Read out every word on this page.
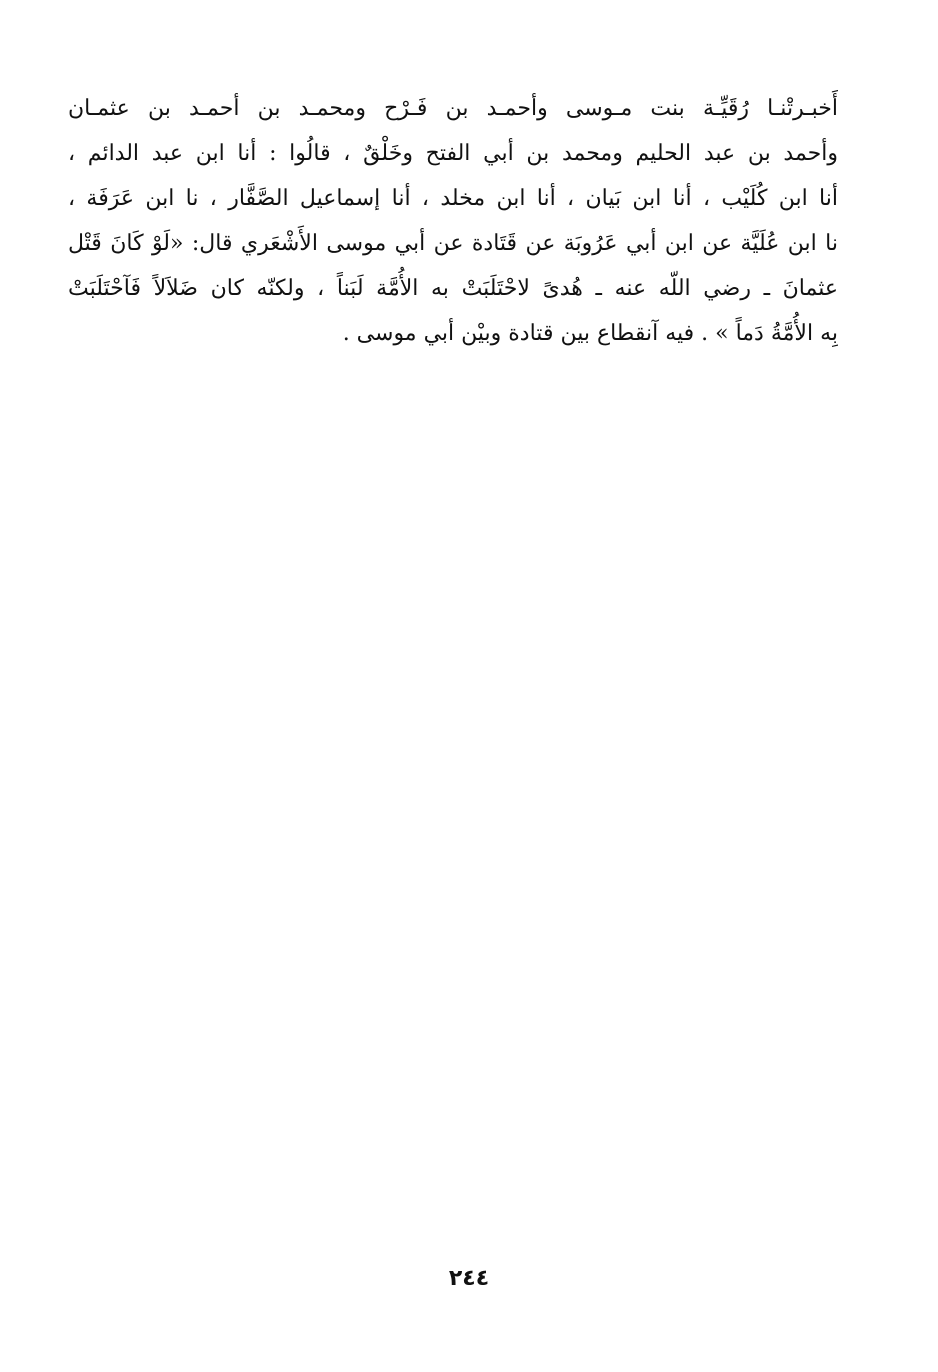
أَخبـرتْنـا رُقَيِّـة بنت مـوسى وأحمـد بن فَـرْح ومحمـد بن أحمـد بن عثمـان
وأحمد بن عبد الحليم ومحمد بن أبي الفتح وخَلْقٌ ، قالُوا : أنا ابن عبد الدائم ،
أنا ابن كُلَيْب ، أنا ابن بَيان ، أنا ابن مخلد ، أنا إسماعيل الصَّفَّار ، نا ابن عَرَفَة ،
نا ابن عُلَيَّة عن ابن أبي عَرُوبَة عن قَتَادة عن أبي موسى الأَشْعَري قال: «لَوْ كَانَ قَتْل
عثمانَ ـ رضي اللّه عنه ـ هُدىً لاحْتَلَبَتْ به الأُمَّة لَبَناً ، ولكنّه كان ضَلاَلاً فَآحْتَلَبَتْ
بِه الأُمَّةُ دَماً » . فيه آنقطاع بين قتادة وبيْن أبي موسى .
٢٤٤
